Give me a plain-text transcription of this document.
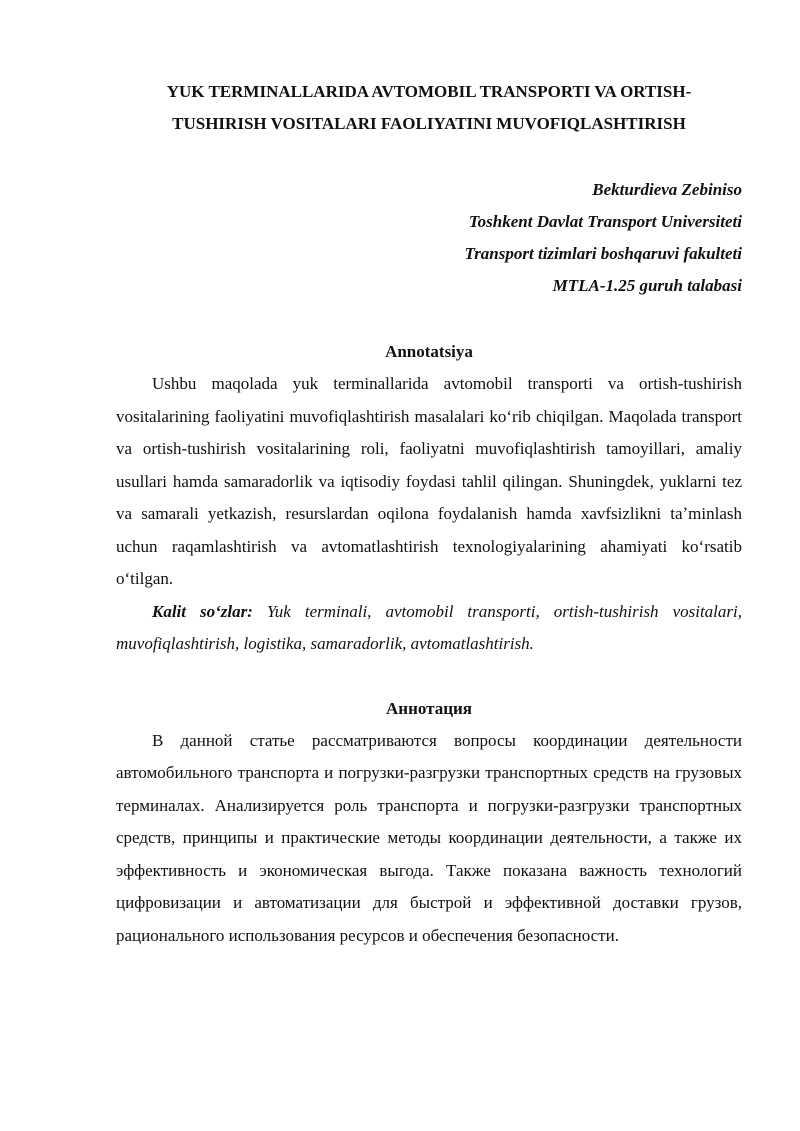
YUK TERMINALLARIDA AVTOMOBIL TRANSPORTI VA ORTISH-

TUSHIRISH VOSITALARI FAOLIYATINI MUVOFIQLASHTIRISH

Bekturdieva Zebiniso
Toshkent Davlat Transport Universiteti
Transport tizimlari boshqaruvi fakulteti
MTLA-1.25 guruh talabasi

Annotatsiya

Ushbu maqolada yuk terminallarida avtomobil transporti va ortish-tushirish vositalarining faoliyatini muvofiqlashtirish masalalari koʻrib chiqilgan. Maqolada transport va ortish-tushirish vositalarining roli, faoliyatni muvofiqlashtirish tamoyillari, amaliy usullari hamda samaradorlik va iqtisodiy foydasi tahlil qilingan. Shuningdek, yuklarni tez va samarali yetkazish, resurslardan oqilona foydalanish hamda xavfsizlikni taʼminlash uchun raqamlashtirish va avtomatlashtirish texnologiyalarining ahamiyati koʻrsatib oʻtilgan.

Kalit soʻzlar: Yuk terminali, avtomobil transporti, ortish-tushirish vositalari, muvofiqlashtirish, logistika, samaradorlik, avtomatlashtirish.

Аннотация

В данной статье рассматриваются вопросы координации деятельности автомобильного транспорта и погрузки-разгрузки транспортных средств на грузовых терминалах. Анализируется роль транспорта и погрузки-разгрузки транспортных средств, принципы и практические методы координации деятельности, а также их эффективность и экономическая выгода. Также показана важность технологий цифровизации и автоматизации для быстрой и эффективной доставки грузов, рационального использования ресурсов и обеспечения безопасности.
